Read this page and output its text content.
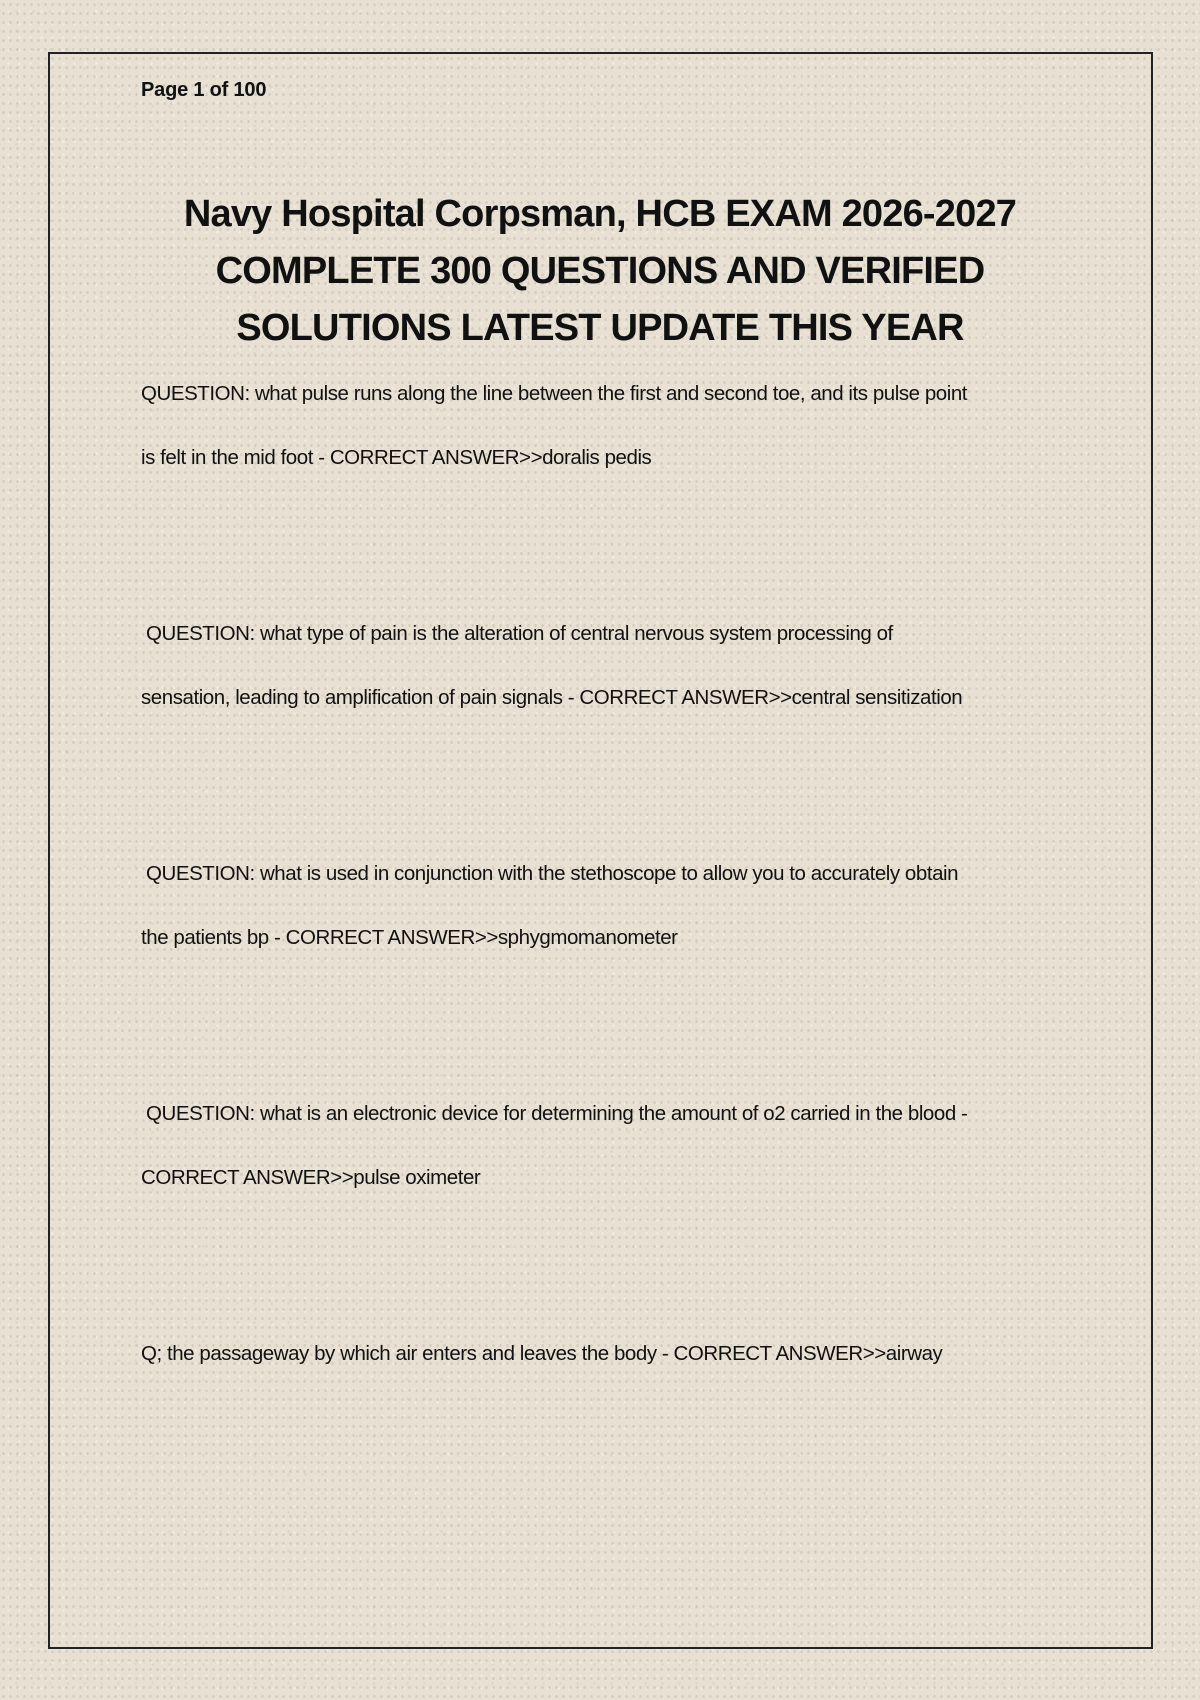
Page 1 of 100
Navy Hospital Corpsman, HCB EXAM 2026-2027
COMPLETE 300 QUESTIONS AND VERIFIED
SOLUTIONS LATEST UPDATE THIS YEAR

QUESTION: what pulse runs along the line between the first and second toe, and its pulse point
is felt in the mid foot - CORRECT ANSWER>>doralis pedis

QUESTION: what type of pain is the alteration of central nervous system processing of
sensation, leading to amplification of pain signals - CORRECT ANSWER>>central sensitization

QUESTION: what is used in conjunction with the stethoscope to allow you to accurately obtain
the patients bp - CORRECT ANSWER>>sphygmomanometer

QUESTION: what is an electronic device for determining the amount of o2 carried in the blood -
CORRECT ANSWER>>pulse oximeter

Q; the passageway by which air enters and leaves the body - CORRECT ANSWER>>airway
